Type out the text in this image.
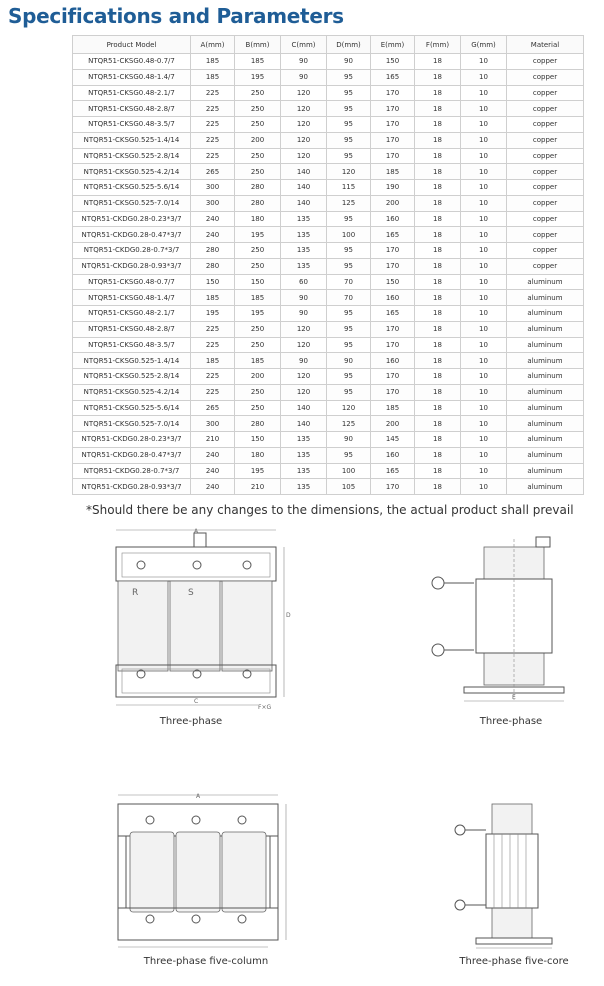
Specifications and Parameters
Product Model	A(mm)	B(mm)	C(mm)	D(mm)	E(mm)	F(mm)	G(mm)	Material
NTQR51-CKSG0.48-0.7/7	185	185	90	90	150	18	10	copper
NTQR51-CKSG0.48-1.4/7	185	195	90	95	165	18	10	copper
NTQR51-CKSG0.48-2.1/7	225	250	120	95	170	18	10	copper
NTQR51-CKSG0.48-2.8/7	225	250	120	95	170	18	10	copper
NTQR51-CKSG0.48-3.5/7	225	250	120	95	170	18	10	copper
NTQR51-CKSG0.525-1.4/14	225	200	120	95	170	18	10	copper
NTQR51-CKSG0.525-2.8/14	225	250	120	95	170	18	10	copper
NTQR51-CKSG0.525-4.2/14	265	250	140	120	185	18	10	copper
NTQR51-CKSG0.525-5.6/14	300	280	140	115	190	18	10	copper
NTQR51-CKSG0.525-7.0/14	300	280	140	125	200	18	10	copper
NTQR51-CKDG0.28-0.23*3/7	240	180	135	95	160	18	10	copper
NTQR51-CKDG0.28-0.47*3/7	240	195	135	100	165	18	10	copper
NTQR51-CKDG0.28-0.7*3/7	280	250	135	95	170	18	10	copper
NTQR51-CKDG0.28-0.93*3/7	280	250	135	95	170	18	10	copper
NTQR51-CKSG0.48-0.7/7	150	150	60	70	150	18	10	aluminum
NTQR51-CKSG0.48-1.4/7	185	185	90	70	160	18	10	aluminum
NTQR51-CKSG0.48-2.1/7	195	195	90	95	165	18	10	aluminum
NTQR51-CKSG0.48-2.8/7	225	250	120	95	170	18	10	aluminum
NTQR51-CKSG0.48-3.5/7	225	250	120	95	170	18	10	aluminum
NTQR51-CKSG0.525-1.4/14	185	185	90	90	160	18	10	aluminum
NTQR51-CKSG0.525-2.8/14	225	200	120	95	170	18	10	aluminum
NTQR51-CKSG0.525-4.2/14	225	250	120	95	170	18	10	aluminum
NTQR51-CKSG0.525-5.6/14	265	250	140	120	185	18	10	aluminum
NTQR51-CKSG0.525-7.0/14	300	280	140	125	200	18	10	aluminum
NTQR51-CKDG0.28-0.23*3/7	210	150	135	90	145	18	10	aluminum
NTQR51-CKDG0.28-0.47*3/7	240	180	135	95	160	18	10	aluminum
NTQR51-CKDG0.28-0.7*3/7	240	195	135	100	165	18	10	aluminum
NTQR51-CKDG0.28-0.93*3/7	240	210	135	105	170	18	10	aluminum
*Should there be any changes to the dimensions, the actual product shall prevail
A
D
C
R	S
F×G
Three-phase
E
Three-phase
A
Three-phase five-column	Three-phase five-core
